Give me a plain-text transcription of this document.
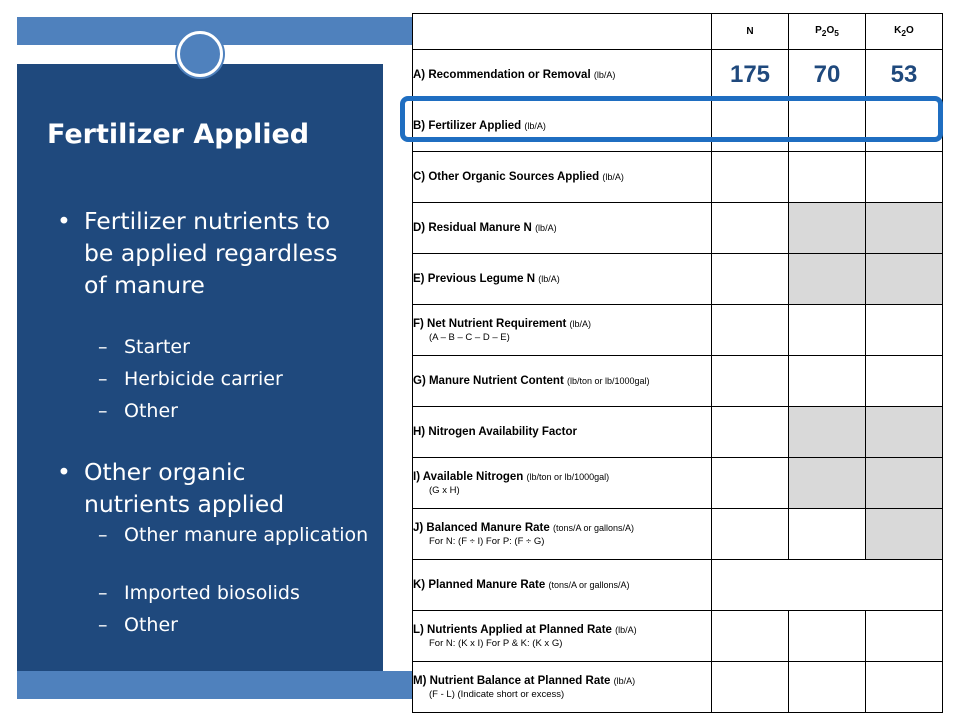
Fertilizer Applied
• Fertilizer nutrients to be applied regardless of manure
– Starter
– Herbicide carrier
– Other
• Other organic nutrients applied
– Other manure application
– Imported biosolids
– Other
	N	$P_2O_5$	$K_2O$
A) Recommendation or Removal (lb/A)	175	70	53
B) Fertilizer Applied (lb/A)			
C) Other Organic Sources Applied (lb/A)			
D) Residual Manure N (lb/A)			
E) Previous Legume N (lb/A)			
F) Net Nutrient Requirement (lb/A)
(A – B – C – D – E)			

G) Manure Nutrient Content (lb/ton or lb/1000gal)			
H) Nitrogen Availability Factor			
I) Available Nitrogen (lb/ton or lb/1000gal)
(G x H)			

J) Balanced Manure Rate (tons/A or gallons/A)
For N: (F ÷ I) For P: (F ÷ G)			

K) Planned Manure Rate (tons/A or gallons/A)			
L) Nutrients Applied at Planned Rate (lb/A)
For N: (K x I) For P & K: (K x G)			

M) Nutrient Balance at Planned Rate (lb/A)
(F - L) (Indicate short or excess)			
